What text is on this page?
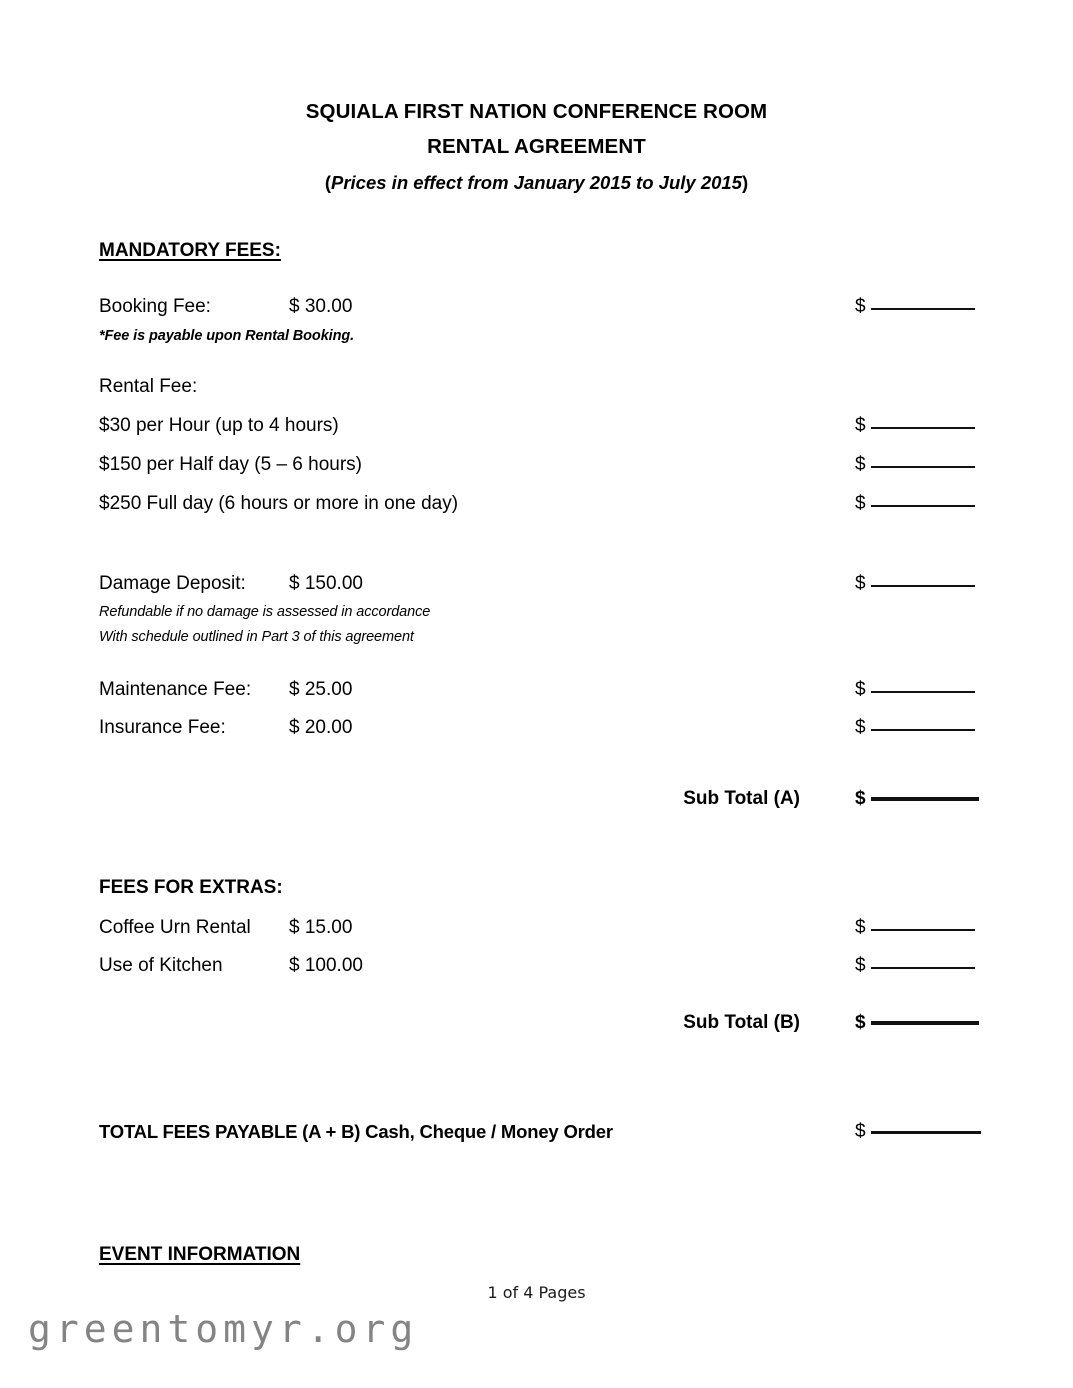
SQUIALA FIRST NATION CONFERENCE ROOM
RENTAL AGREEMENT
(Prices in effect from January 2015 to July 2015)
MANDATORY FEES:
Booking Fee:	$ 30.00	$
*Fee is payable upon Rental Booking.
Rental Fee:
$30 per Hour (up to 4 hours)	$
$150 per Half day (5 – 6 hours)	$
$250 Full day (6 hours or more in one day)	$
Damage Deposit: $ 150.00	$
Refundable if no damage is assessed in accordance
With schedule outlined in Part 3 of this agreement
Maintenance Fee: $ 25.00	$
Insurance Fee:	$ 20.00	$
Sub Total (A)	$
FEES FOR EXTRAS:
Coffee Urn Rental $ 15.00	$
Use of Kitchen	$ 100.00	$
Sub Total (B)	$
TOTAL FEES PAYABLE (A + B) Cash, Cheque / Money Order	$
EVENT INFORMATION
1 of 4 Pages
greentomyr.org
